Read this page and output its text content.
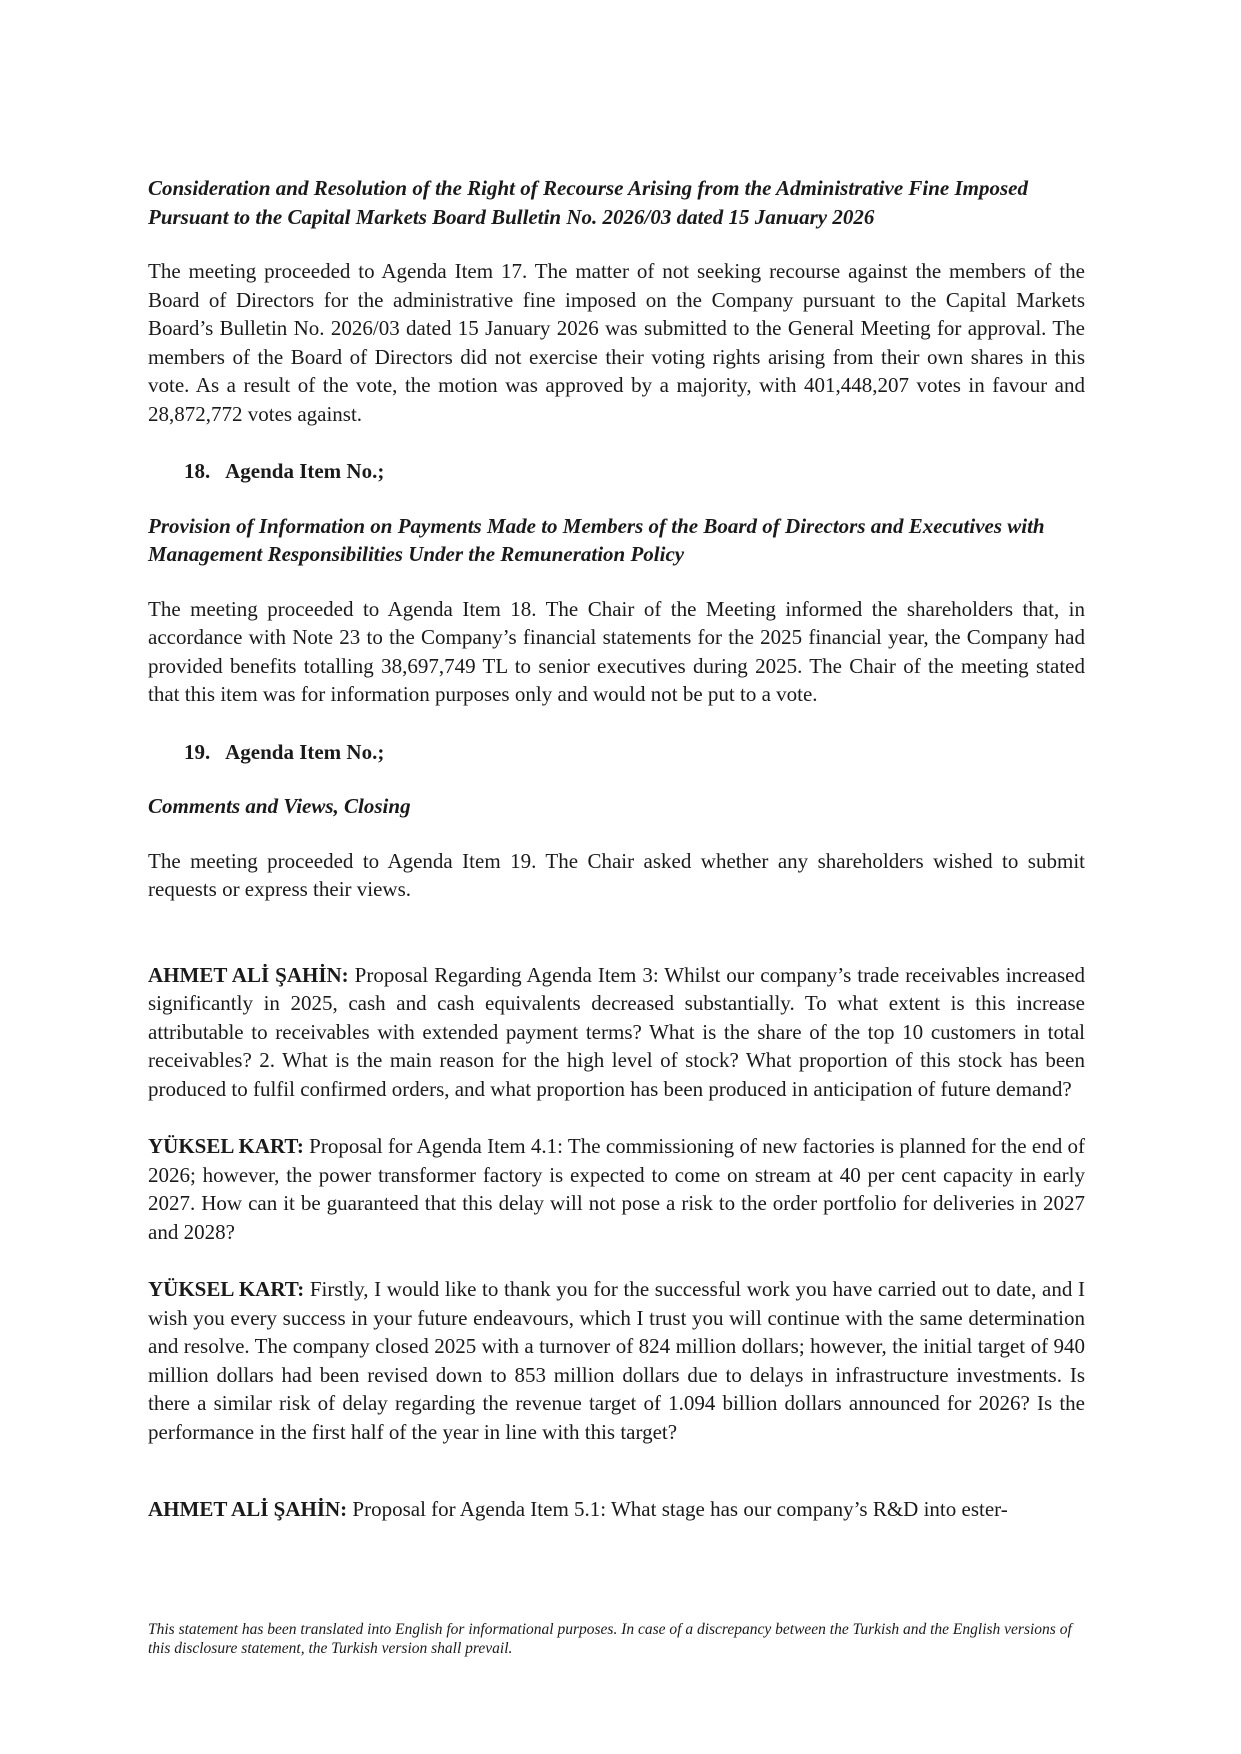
Consideration and Resolution of the Right of Recourse Arising from the Administrative Fine Imposed Pursuant to the Capital Markets Board Bulletin No. 2026/03 dated 15 January 2026

The meeting proceeded to Agenda Item 17. The matter of not seeking recourse against the members of the Board of Directors for the administrative fine imposed on the Company pursuant to the Capital Markets Board’s Bulletin No. 2026/03 dated 15 January 2026 was submitted to the General Meeting for approval. The members of the Board of Directors did not exercise their voting rights arising from their own shares in this vote. As a result of the vote, the motion was approved by a majority, with 401,448,207 votes in favour and 28,872,772 votes against.

18. Agenda Item No.;

Provision of Information on Payments Made to Members of the Board of Directors and Executives with Management Responsibilities Under the Remuneration Policy

The meeting proceeded to Agenda Item 18. The Chair of the Meeting informed the shareholders that, in accordance with Note 23 to the Company’s financial statements for the 2025 financial year, the Company had provided benefits totalling 38,697,749 TL to senior executives during 2025. The Chair of the meeting stated that this item was for information purposes only and would not be put to a vote.

19. Agenda Item No.;

Comments and Views, Closing

The meeting proceeded to Agenda Item 19. The Chair asked whether any shareholders wished to submit requests or express their views.

AHMET ALİ ŞAHİN: Proposal Regarding Agenda Item 3: Whilst our company’s trade receivables increased significantly in 2025, cash and cash equivalents decreased substantially. To what extent is this increase attributable to receivables with extended payment terms? What is the share of the top 10 customers in total receivables? 2. What is the main reason for the high level of stock? What proportion of this stock has been produced to fulfil confirmed orders, and what proportion has been produced in anticipation of future demand?

YÜKSEL KART: Proposal for Agenda Item 4.1: The commissioning of new factories is planned for the end of 2026; however, the power transformer factory is expected to come on stream at 40 per cent capacity in early 2027. How can it be guaranteed that this delay will not pose a risk to the order portfolio for deliveries in 2027 and 2028?

YÜKSEL KART: Firstly, I would like to thank you for the successful work you have carried out to date, and I wish you every success in your future endeavours, which I trust you will continue with the same determination and resolve. The company closed 2025 with a turnover of 824 million dollars; however, the initial target of 940 million dollars had been revised down to 853 million dollars due to delays in infrastructure investments. Is there a similar risk of delay regarding the revenue target of 1.094 billion dollars announced for 2026? Is the performance in the first half of the year in line with this target?

AHMET ALİ ŞAHİN: Proposal for Agenda Item 5.1: What stage has our company’s R&D into ester-

This statement has been translated into English for informational purposes. In case of a discrepancy between the Turkish and the English versions of this disclosure statement, the Turkish version shall prevail.
